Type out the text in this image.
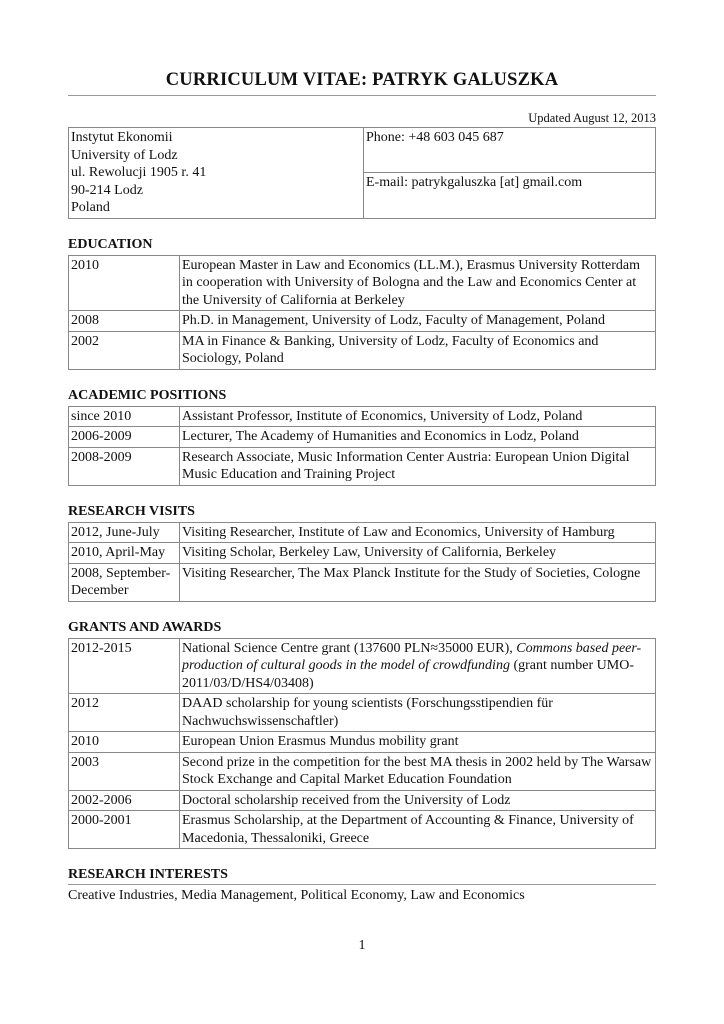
CURRICULUM VITAE: PATRYK GALUSZKA
Updated August 12, 2013
Instytut Ekonomii
University of Lodz
ul. Rewolucji 1905 r. 41
90-214 Lodz
Poland
	Phone: +48 603 045 687
E-mail: patrykgaluszka [at] gmail.com
EDUCATION
2010	European Master in Law and Economics (LL.M.), Erasmus University Rotterdam in cooperation with University of Bologna and the Law and Economics Center at the University of California at Berkeley
2008	Ph.D. in Management, University of Lodz, Faculty of Management, Poland
2002	MA in Finance & Banking, University of Lodz, Faculty of Economics and Sociology, Poland
ACADEMIC POSITIONS
since 2010	Assistant Professor, Institute of Economics, University of Lodz, Poland
2006-2009	Lecturer, The Academy of Humanities and Economics in Lodz, Poland
2008-2009	Research Associate, Music Information Center Austria: European Union Digital Music Education and Training Project
RESEARCH VISITS
2012, June-July	Visiting Researcher, Institute of Law and Economics, University of Hamburg
2010, April-May	Visiting Scholar, Berkeley Law, University of California, Berkeley
2008, September-December	Visiting Researcher, The Max Planck Institute for the Study of Societies, Cologne
GRANTS AND AWARDS
2012-2015	National Science Centre grant (137600 PLN≈35000 EUR), Commons based peer-production of cultural goods in the model of crowdfunding (grant number UMO-2011/03/D/HS4/03408)
2012	DAAD scholarship for young scientists (Forschungsstipendien für Nachwuchswissenschaftler)
2010	European Union Erasmus Mundus mobility grant
2003	Second prize in the competition for the best MA thesis in 2002 held by The Warsaw Stock Exchange and Capital Market Education Foundation
2002-2006	Doctoral scholarship received from the University of Lodz
2000-2001	Erasmus Scholarship, at the Department of Accounting & Finance, University of Macedonia, Thessaloniki, Greece
RESEARCH INTERESTS
Creative Industries, Media Management, Political Economy, Law and Economics
1
